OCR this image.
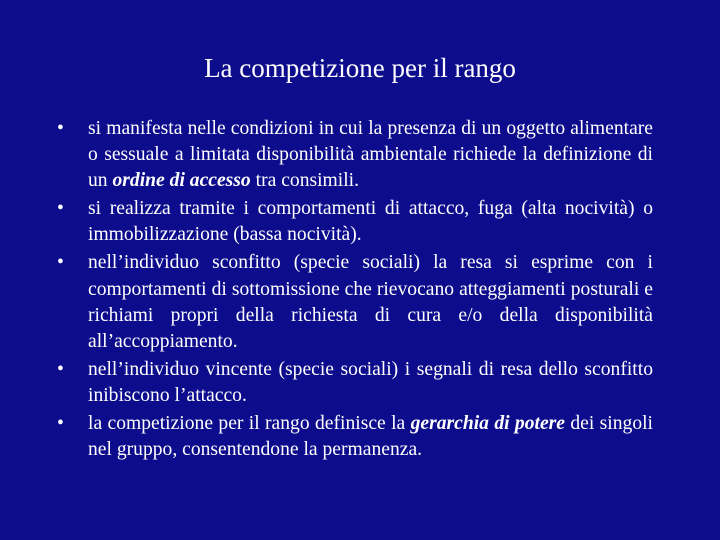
La competizione per il rango
•	si manifesta nelle condizioni in cui la presenza di un oggetto alimentare o sessuale a limitata disponibilità ambientale richiede la definizione di un ordine di accesso tra consimili.
•	si realizza tramite i comportamenti di attacco, fuga (alta nocività) o immobilizzazione (bassa nocività).
•	nell’individuo sconfitto (specie sociali) la resa si esprime con i comportamenti di sottomissione che rievocano atteggiamenti posturali e richiami propri della richiesta di cura e/o della disponibilità all’accoppiamento.
•	nell’individuo vincente (specie sociali) i segnali di resa dello sconfitto inibiscono l’attacco.
•	la competizione per il rango definisce la gerarchia di potere dei singoli nel gruppo, consentendone la permanenza.
